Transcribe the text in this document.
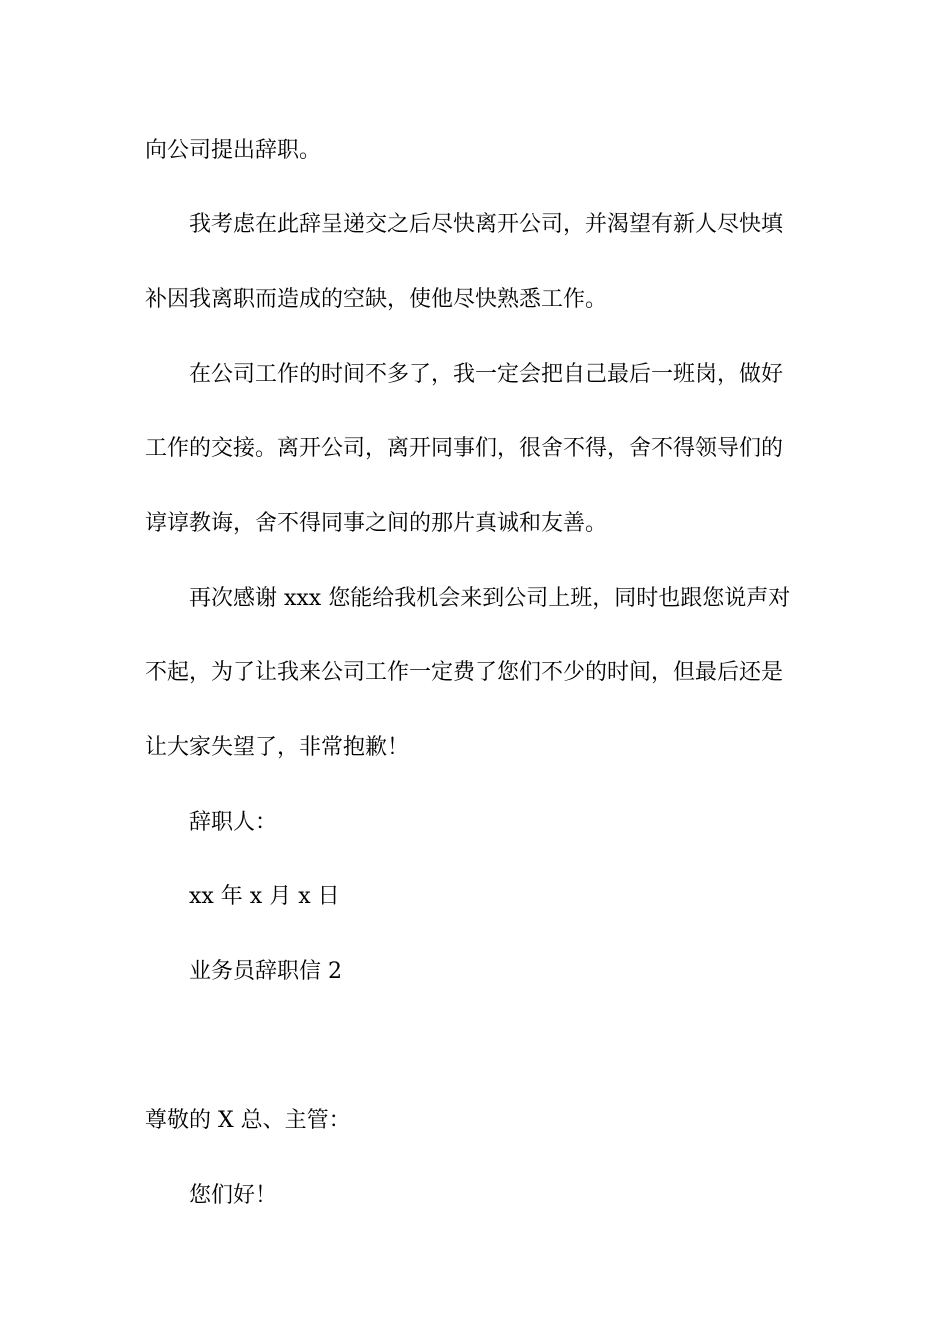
向公司提出辞职。

我考虑在此辞呈递交之后尽快离开公司，并渴望有新人尽快填

补因我离职而造成的空缺，使他尽快熟悉工作。

在公司工作的时间不多了，我一定会把自己最后一班岗，做好

工作的交接。离开公司，离开同事们，很舍不得，舍不得领导们的

谆谆教诲，舍不得同事之间的那片真诚和友善。

再次感谢 xxx 您能给我机会来到公司上班，同时也跟您说声对

不起，为了让我来公司工作一定费了您们不少的时间，但最后还是

让大家失望了，非常抱歉！

辞职人：

xx 年 x 月 x 日

业务员辞职信 2

尊敬的 X 总、主管：

您们好！
